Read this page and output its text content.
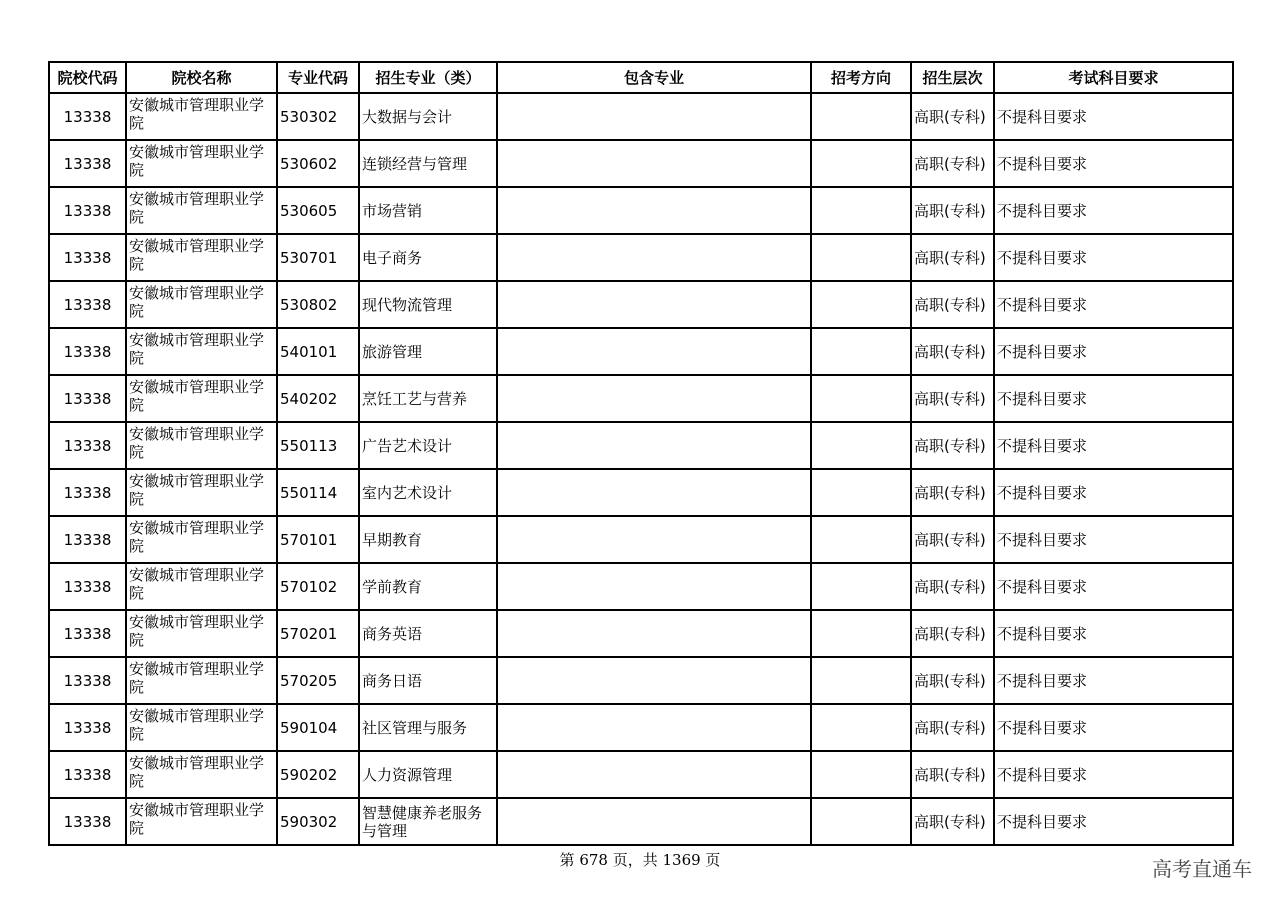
院校代码	院校名称	专业代码	招生专业（类）	包含专业	招考方向	招生层次	考试科目要求
13338	安徽城市管理职业学院	530302	大数据与会计			高职(专科)	不提科目要求
13338	安徽城市管理职业学院	530602	连锁经营与管理			高职(专科)	不提科目要求
13338	安徽城市管理职业学院	530605	市场营销			高职(专科)	不提科目要求
13338	安徽城市管理职业学院	530701	电子商务			高职(专科)	不提科目要求
13338	安徽城市管理职业学院	530802	现代物流管理			高职(专科)	不提科目要求
13338	安徽城市管理职业学院	540101	旅游管理			高职(专科)	不提科目要求
13338	安徽城市管理职业学院	540202	烹饪工艺与营养			高职(专科)	不提科目要求
13338	安徽城市管理职业学院	550113	广告艺术设计			高职(专科)	不提科目要求
13338	安徽城市管理职业学院	550114	室内艺术设计			高职(专科)	不提科目要求
13338	安徽城市管理职业学院	570101	早期教育			高职(专科)	不提科目要求
13338	安徽城市管理职业学院	570102	学前教育			高职(专科)	不提科目要求
13338	安徽城市管理职业学院	570201	商务英语			高职(专科)	不提科目要求
13338	安徽城市管理职业学院	570205	商务日语			高职(专科)	不提科目要求
13338	安徽城市管理职业学院	590104	社区管理与服务			高职(专科)	不提科目要求
13338	安徽城市管理职业学院	590202	人力资源管理			高职(专科)	不提科目要求
13338	安徽城市管理职业学院	590302	智慧健康养老服务与管理			高职(专科)	不提科目要求
第 678 页，共 1369 页	高考直通车
